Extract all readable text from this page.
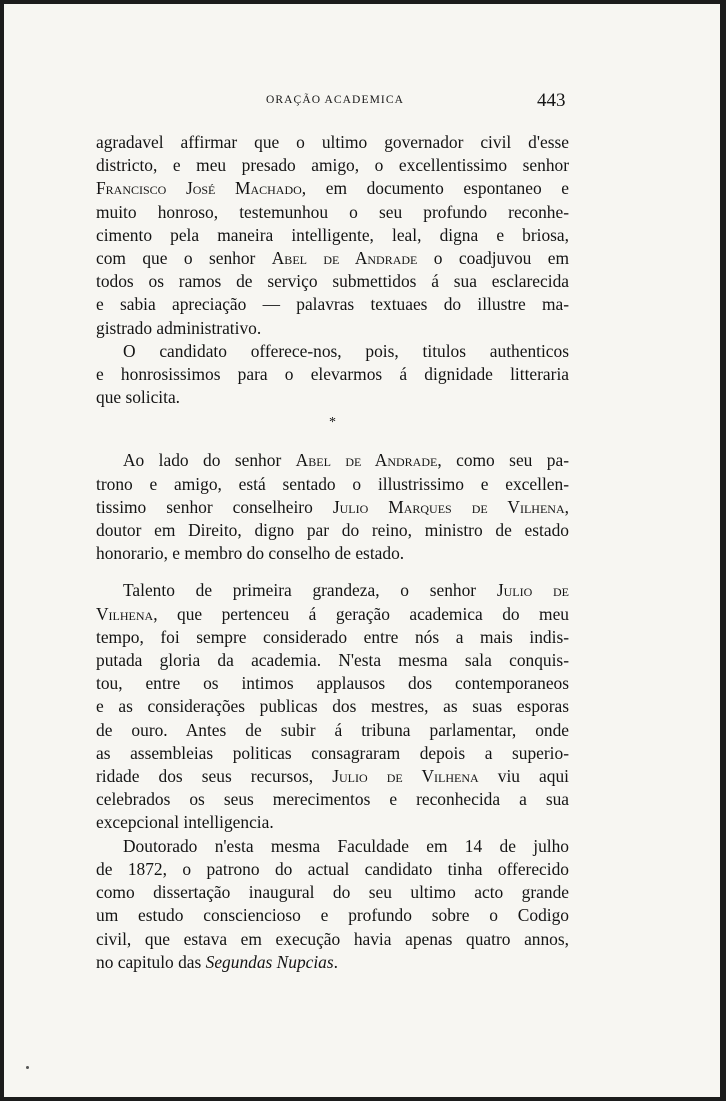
ORAÇÃO ACADEMICA	443
agradavel affirmar que o ultimo governador civil d'esse
districto, e meu presado amigo, o excellentissimo senhor
Francisco José Machado, em documento espontaneo e
muito honroso, testemunhou o seu profundo reconhe-
cimento pela maneira intelligente, leal, digna e briosa,
com que o senhor Abel de Andrade o coadjuvou em
todos os ramos de serviço submettidos á sua esclarecida
e sabia apreciação — palavras textuaes do illustre ma-
gistrado administrativo.
O candidato offerece-nos, pois, titulos authenticos
e honrosissimos para o elevarmos á dignidade litteraria
que solicita.
*
Ao lado do senhor Abel de Andrade, como seu pa-
trono e amigo, está sentado o illustrissimo e excellen-
tissimo senhor conselheiro Julio Marques de Vilhena,
doutor em Direito, digno par do reino, ministro de estado
honorario, e membro do conselho de estado.
Talento de primeira grandeza, o senhor Julio de
Vilhena, que pertenceu á geração academica do meu
tempo, foi sempre considerado entre nós a mais indis-
putada gloria da academia. N'esta mesma sala conquis-
tou, entre os intimos applausos dos contemporaneos
e as considerações publicas dos mestres, as suas esporas
de ouro. Antes de subir á tribuna parlamentar, onde
as assembleias politicas consagraram depois a superio-
ridade dos seus recursos, Julio de Vilhena viu aqui
celebrados os seus merecimentos e reconhecida a sua
excepcional intelligencia.
Doutorado n'esta mesma Faculdade em 14 de julho
de 1872, o patrono do actual candidato tinha offerecido
como dissertação inaugural do seu ultimo acto grande
um estudo consciencioso e profundo sobre o Codigo
civil, que estava em execução havia apenas quatro annos,
no capitulo das Segundas Nupcias.
